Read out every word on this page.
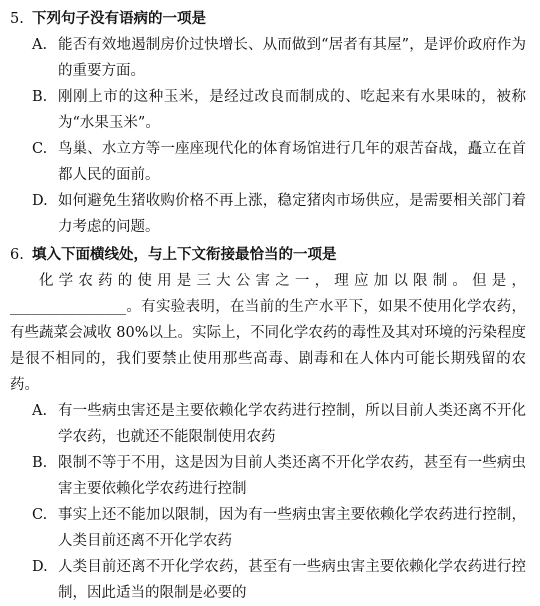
5. 下列句子没有语病的一项是
A. 能否有效地遏制房价过快增长、从而做到“居者有其屋”，是评价政府作为的重要方面。
B. 刚刚上市的这种玉米，是经过改良而制成的、吃起来有水果味的，被称为“水果玉米”。
C. 鸟巢、水立方等一座座现代化的体育场馆进行几年的艰苦奋战，矗立在首都人民的面前。
D. 如何避免生猪收购价格不再上涨，稳定猪肉市场供应，是需要相关部门着力考虑的问题。
6. 填入下面横线处，与上下文衔接最恰当的一项是

化学农药的使用是三大公害之一，理应加以限制。但是，________________。有实验表明，在当前的生产水平下，如果不使用化学农药，有些蔬菜会减收 80%以上。实际上，不同化学农药的毒性及其对环境的污染程度是很不相同的，我们要禁止使用那些高毒、剧毒和在人体内可能长期残留的农药。

A. 有一些病虫害还是主要依赖化学农药进行控制，所以目前人类还离不开化学农药，也就还不能限制使用农药
B. 限制不等于不用，这是因为目前人类还离不开化学农药，甚至有一些病虫害主要依赖化学农药进行控制
C. 事实上还不能加以限制，因为有一些病虫害主要依赖化学农药进行控制，人类目前还离不开化学农药
D. 人类目前还离不开化学农药，甚至有一些病虫害主要依赖化学农药进行控制，因此适当的限制是必要的
